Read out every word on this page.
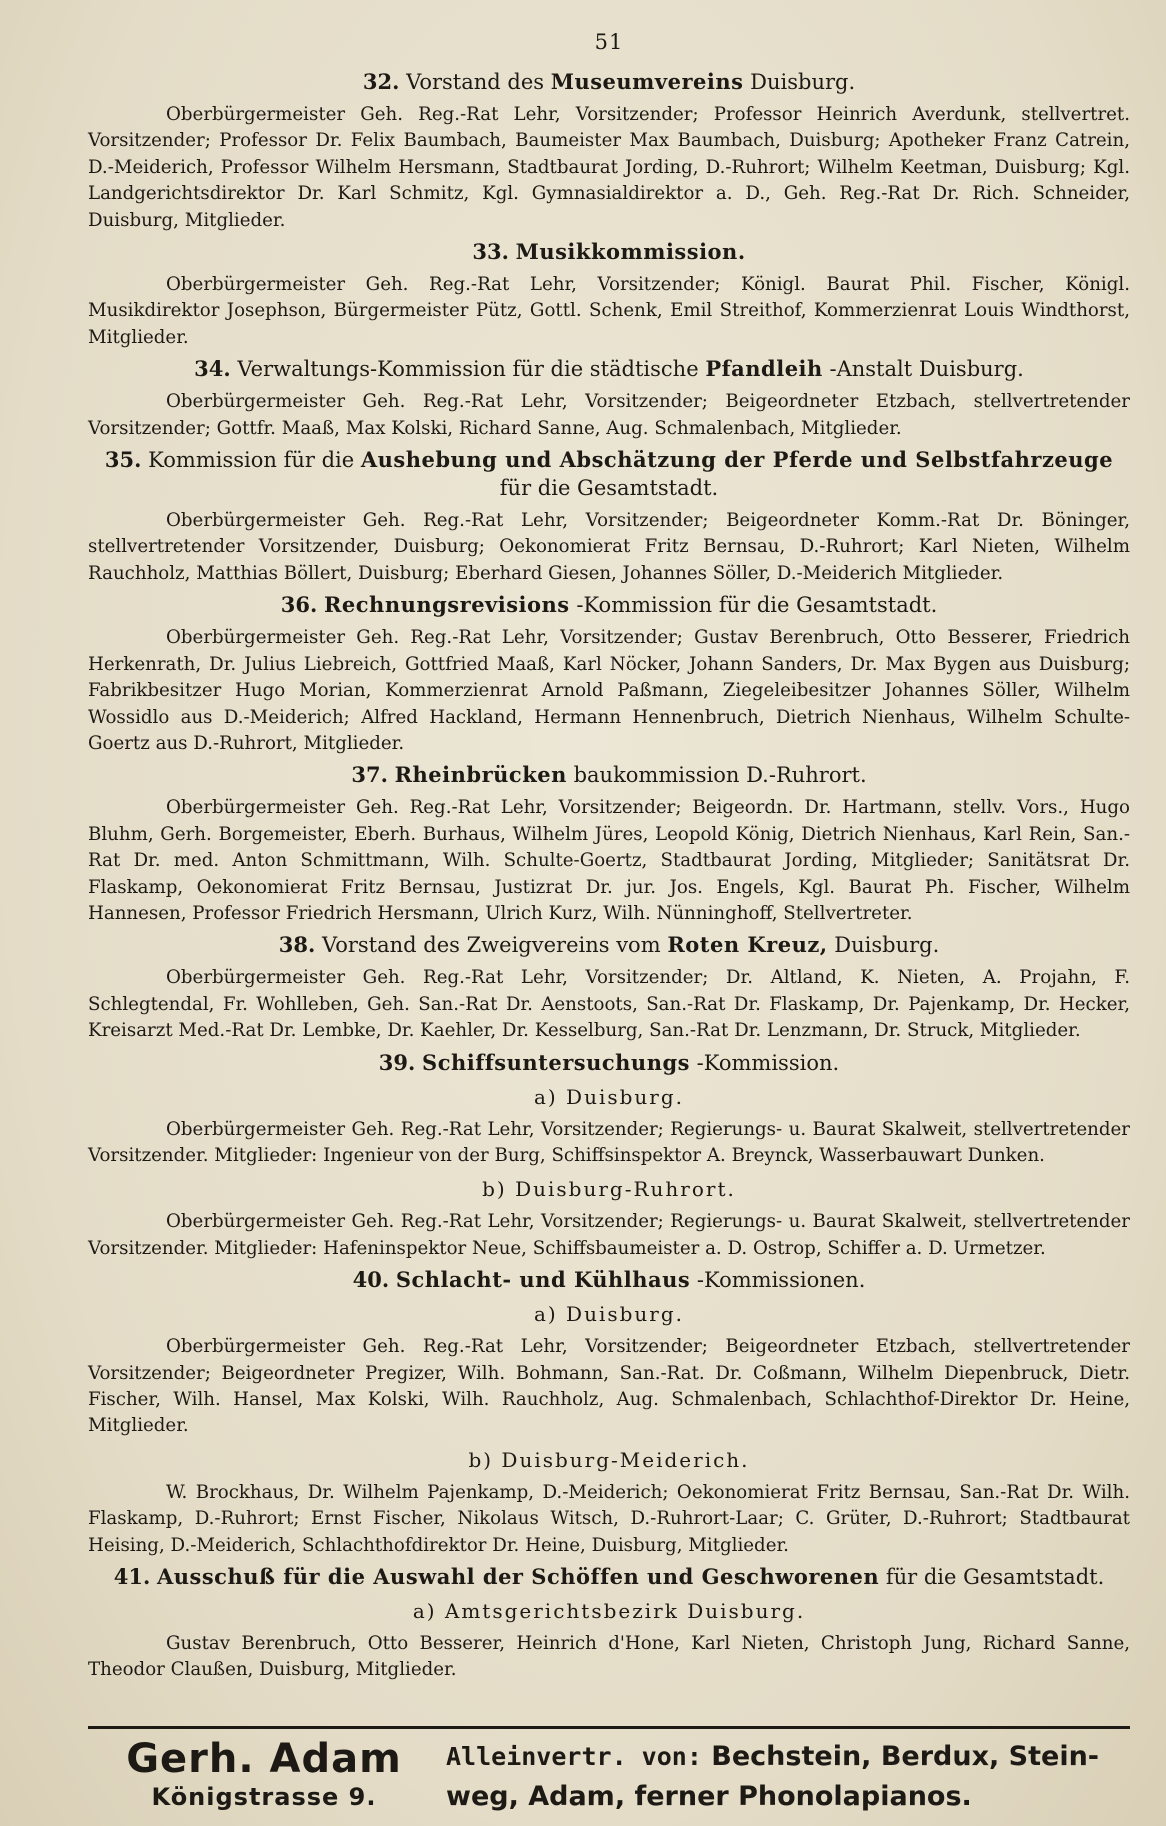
51
32. Vorstand des Museumvereins Duisburg.
Oberbürgermeister Geh. Reg.-Rat Lehr, Vorsitzender; Professor Heinrich Averdunk, stellvertret. Vorsitzender; Professor Dr. Felix Baumbach, Baumeister Max Baumbach, Duisburg; Apotheker Franz Catrein, D.-Meiderich, Professor Wilhelm Hersmann, Stadtbaurat Jording, D.-Ruhrort; Wilhelm Keetman, Duisburg; Kgl. Landgerichtsdirektor Dr. Karl Schmitz, Kgl. Gymnasialdirektor a. D., Geh. Reg.-Rat Dr. Rich. Schneider, Duisburg, Mitglieder.
33. Musikkommission.
Oberbürgermeister Geh. Reg.-Rat Lehr, Vorsitzender; Königl. Baurat Phil. Fischer, Königl. Musikdirektor Josephson, Bürgermeister Pütz, Gottl. Schenk, Emil Streithof, Kommerzienrat Louis Windthorst, Mitglieder.
34. Verwaltungs-Kommission für die städtische Pfandleih -Anstalt Duisburg.
Oberbürgermeister Geh. Reg.-Rat Lehr, Vorsitzender; Beigeordneter Etzbach, stellvertretender Vorsitzender; Gottfr. Maaß, Max Kolski, Richard Sanne, Aug. Schmalenbach, Mitglieder.
35. Kommission für die Aushebung und Abschätzung der Pferde und Selbstfahrzeuge für die Gesamtstadt.
Oberbürgermeister Geh. Reg.-Rat Lehr, Vorsitzender; Beigeordneter Komm.-Rat Dr. Böninger, stellvertretender Vorsitzender, Duisburg; Oekonomierat Fritz Bernsau, D.-Ruhrort; Karl Nieten, Wilhelm Rauchholz, Matthias Böllert, Duisburg; Eberhard Giesen, Johannes Söller, D.-Meiderich Mitglieder.
36. Rechnungsrevisions -Kommission für die Gesamtstadt.
Oberbürgermeister Geh. Reg.-Rat Lehr, Vorsitzender; Gustav Berenbruch, Otto Besserer, Friedrich Herkenrath, Dr. Julius Liebreich, Gottfried Maaß, Karl Nöcker, Johann Sanders, Dr. Max Bygen aus Duisburg; Fabrikbesitzer Hugo Morian, Kommerzienrat Arnold Paßmann, Ziegeleibesitzer Johannes Söller, Wilhelm Wossidlo aus D.-Meiderich; Alfred Hackland, Hermann Hennenbruch, Dietrich Nienhaus, Wilhelm Schulte-Goertz aus D.-Ruhrort, Mitglieder.
37. Rheinbrücken baukommission D.-Ruhrort.
Oberbürgermeister Geh. Reg.-Rat Lehr, Vorsitzender; Beigeordn. Dr. Hartmann, stellv. Vors., Hugo Bluhm, Gerh. Borgemeister, Eberh. Burhaus, Wilhelm Jüres, Leopold König, Dietrich Nienhaus, Karl Rein, San.-Rat Dr. med. Anton Schmittmann, Wilh. Schulte-Goertz, Stadtbaurat Jording, Mitglieder; Sanitätsrat Dr. Flaskamp, Oekonomierat Fritz Bernsau, Justizrat Dr. jur. Jos. Engels, Kgl. Baurat Ph. Fischer, Wilhelm Hannesen, Professor Friedrich Hersmann, Ulrich Kurz, Wilh. Nünninghoff, Stellvertreter.
38. Vorstand des Zweigvereins vom Roten Kreuz, Duisburg.
Oberbürgermeister Geh. Reg.-Rat Lehr, Vorsitzender; Dr. Altland, K. Nieten, A. Projahn, F. Schlegtendal, Fr. Wohlleben, Geh. San.-Rat Dr. Aenstoots, San.-Rat Dr. Flaskamp, Dr. Pajenkamp, Dr. Hecker, Kreisarzt Med.-Rat Dr. Lembke, Dr. Kaehler, Dr. Kesselburg, San.-Rat Dr. Lenzmann, Dr. Struck, Mitglieder.
39. Schiffsuntersuchungs -Kommission.
a) Duisburg.
Oberbürgermeister Geh. Reg.-Rat Lehr, Vorsitzender; Regierungs- u. Baurat Skalweit, stellvertretender Vorsitzender. Mitglieder: Ingenieur von der Burg, Schiffsinspektor A. Breynck, Wasserbauwart Dunken.
b) Duisburg-Ruhrort.
Oberbürgermeister Geh. Reg.-Rat Lehr, Vorsitzender; Regierungs- u. Baurat Skalweit, stellvertretender Vorsitzender. Mitglieder: Hafeninspektor Neue, Schiffsbaumeister a. D. Ostrop, Schiffer a. D. Urmetzer.
40. Schlacht- und Kühlhaus -Kommissionen.
a) Duisburg.
Oberbürgermeister Geh. Reg.-Rat Lehr, Vorsitzender; Beigeordneter Etzbach, stellvertretender Vorsitzender; Beigeordneter Pregizer, Wilh. Bohmann, San.-Rat. Dr. Coßmann, Wilhelm Diepenbruck, Dietr. Fischer, Wilh. Hansel, Max Kolski, Wilh. Rauchholz, Aug. Schmalenbach, Schlachthof-Direktor Dr. Heine, Mitglieder.
b) Duisburg-Meiderich.
W. Brockhaus, Dr. Wilhelm Pajenkamp, D.-Meiderich; Oekonomierat Fritz Bernsau, San.-Rat Dr. Wilh. Flaskamp, D.-Ruhrort; Ernst Fischer, Nikolaus Witsch, D.-Ruhrort-Laar; C. Grüter, D.-Ruhrort; Stadtbaurat Heising, D.-Meiderich, Schlachthofdirektor Dr. Heine, Duisburg, Mitglieder.
41. Ausschuß für die Auswahl der Schöffen und Geschworenen für die Gesamtstadt.
a) Amtsgerichtsbezirk Duisburg.
Gustav Berenbruch, Otto Besserer, Heinrich d'Hone, Karl Nieten, Christoph Jung, Richard Sanne, Theodor Claußen, Duisburg, Mitglieder.
Gerh. Adam
Königstrasse 9.
Alleinvertr. von: Bechstein, Berdux, Stein-
weg, Adam, ferner Phonolapianos.
